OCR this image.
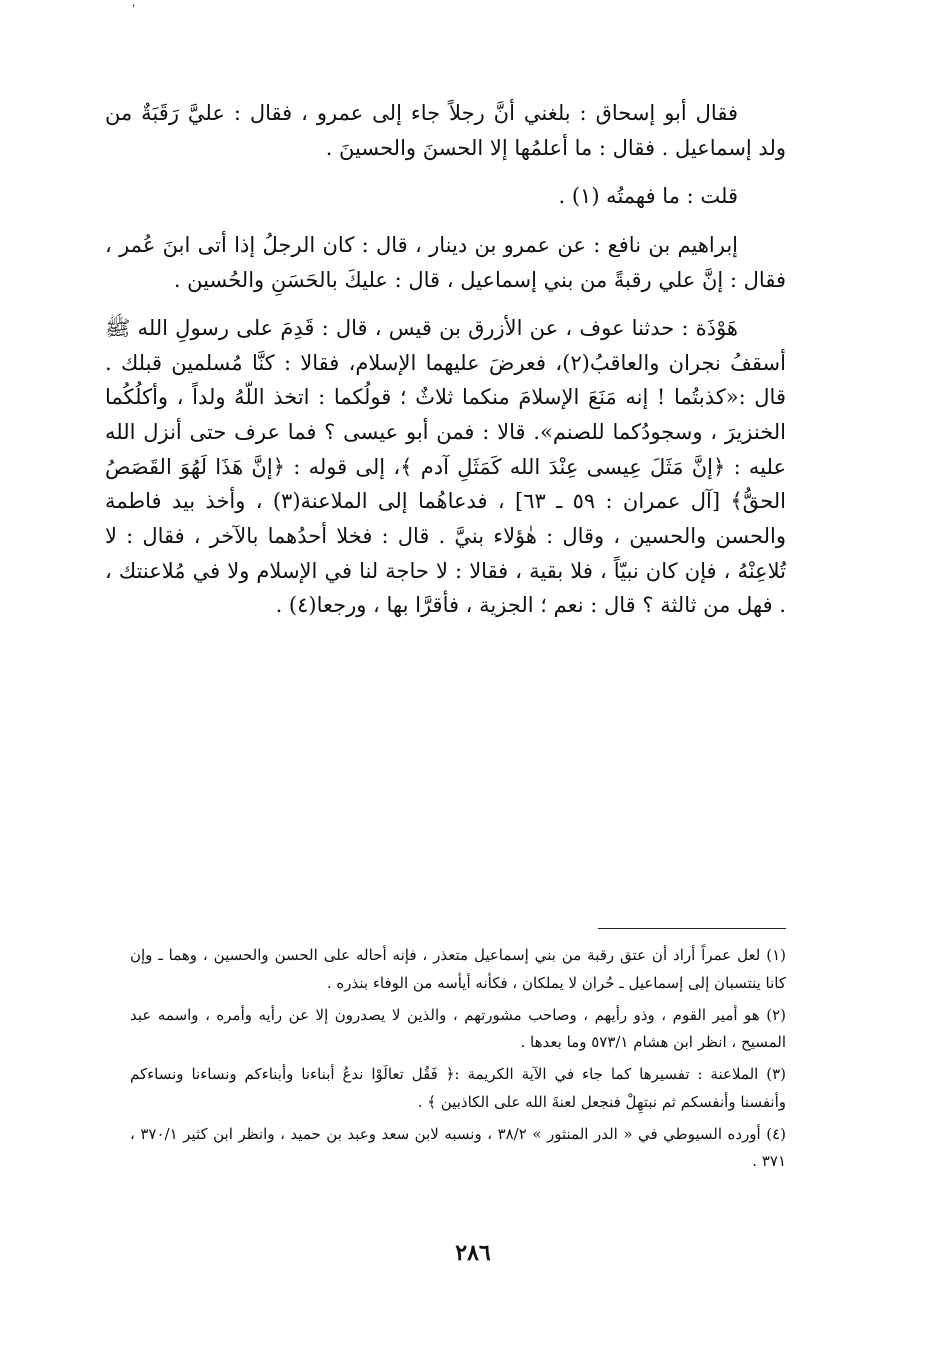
'

فقال أبو إسحاق : بلغني أنَّ رجلاً جاء إلى عمرو ، فقال : عليَّ رَقَبَةٌ من ولد إسماعيل . فقال : ما أعلمُها إلا الحسنَ والحسينَ .

قلت : ما فهمتُه (١) .

إبراهيم بن نافع : عن عمرو بن دينار ، قال : كان الرجلُ إذا أتى ابنَ عُمر ، فقال : إنَّ علي رقبةً من بني إسماعيل ، قال : عليكَ بالحَسَنِ والحُسين .

هَوْذَة : حدثنا عوف ، عن الأزرق بن قيس ، قال : قَدِمَ على رسولِ الله ﷺ أسقفُ نجران والعاقبُ(٢)، فعرضَ عليهما الإسلام، فقالا : كنَّا مُسلمين قبلك . قال :«كذبتُما ! إنه مَنَعَ الإسلامَ منكما ثلاثٌ ؛ قولُكما : اتخذ اللّهُ ولداً ، وأكلُكُما الخنزيرَ ، وسجودُكما للصنم». قالا : فمن أبو عيسى ؟ فما عرف حتى أنزل الله عليه : ﴿إنَّ مَثَلَ عِيسى عِنْدَ الله كَمَثَلِ آدم ﴾، إلى قوله : ﴿إنَّ هَذَا لَهُوَ القَصَصُ الحقُّ﴾ [آل عمران : ٥٩ ـ ٦٣] ، فدعاهُما إلى الملاعنة(٣) ، وأخذ بيد فاطمة والحسن والحسين ، وقال : هٰؤلاء بنيَّ . قال : فخلا أحدُهما بالآخر ، فقال : لا تُلاعِنْهُ ، فإن كان نبيّاً ، فلا بقية ، فقالا : لا حاجة لنا في الإسلام ولا في مُلاعنتك ، . فهل من ثالثة ؟ قال : نعم ؛ الجزية ، فأقرَّا بها ، ورجعا(٤) .

(١) لعل عمراً أراد أن عتق رقبة من بني إسماعيل متعذر ، فإنه أحاله على الحسن والحسين ، وهما ـ وإن كانا ينتسبان إلى إسماعيل ـ حُران لا يملكان ، فكأنه أيأسه من الوفاء بنذره .

(٢) هو أمير القوم ، وذو رأيهم ، وصاحب مشورتهم ، والذين لا يصدرون إلا عن رأيه وأمره ، واسمه عبد المسيح ، انظر ابن هشام ٥٧٣/١ وما بعدها .

(٣) الملاعنة : تفسيرها كما جاء في الآية الكريمة :﴿ فَقُل تعالَوْا ندعُ أبناءنا وأبناءكم ونساءنا ونساءكم وأنفسنا وأنفسكم ثم نبتهِلْ فنجعل لعنةَ الله على الكاذبين ﴾ .

(٤) أورده السيوطي في « الدر المنثور » ٣٨/٢ ، ونسبه لابن سعد وعبد بن حميد ، وانظر ابن كثير ٣٧٠/١ ، ٣٧١ .

٢٨٦
